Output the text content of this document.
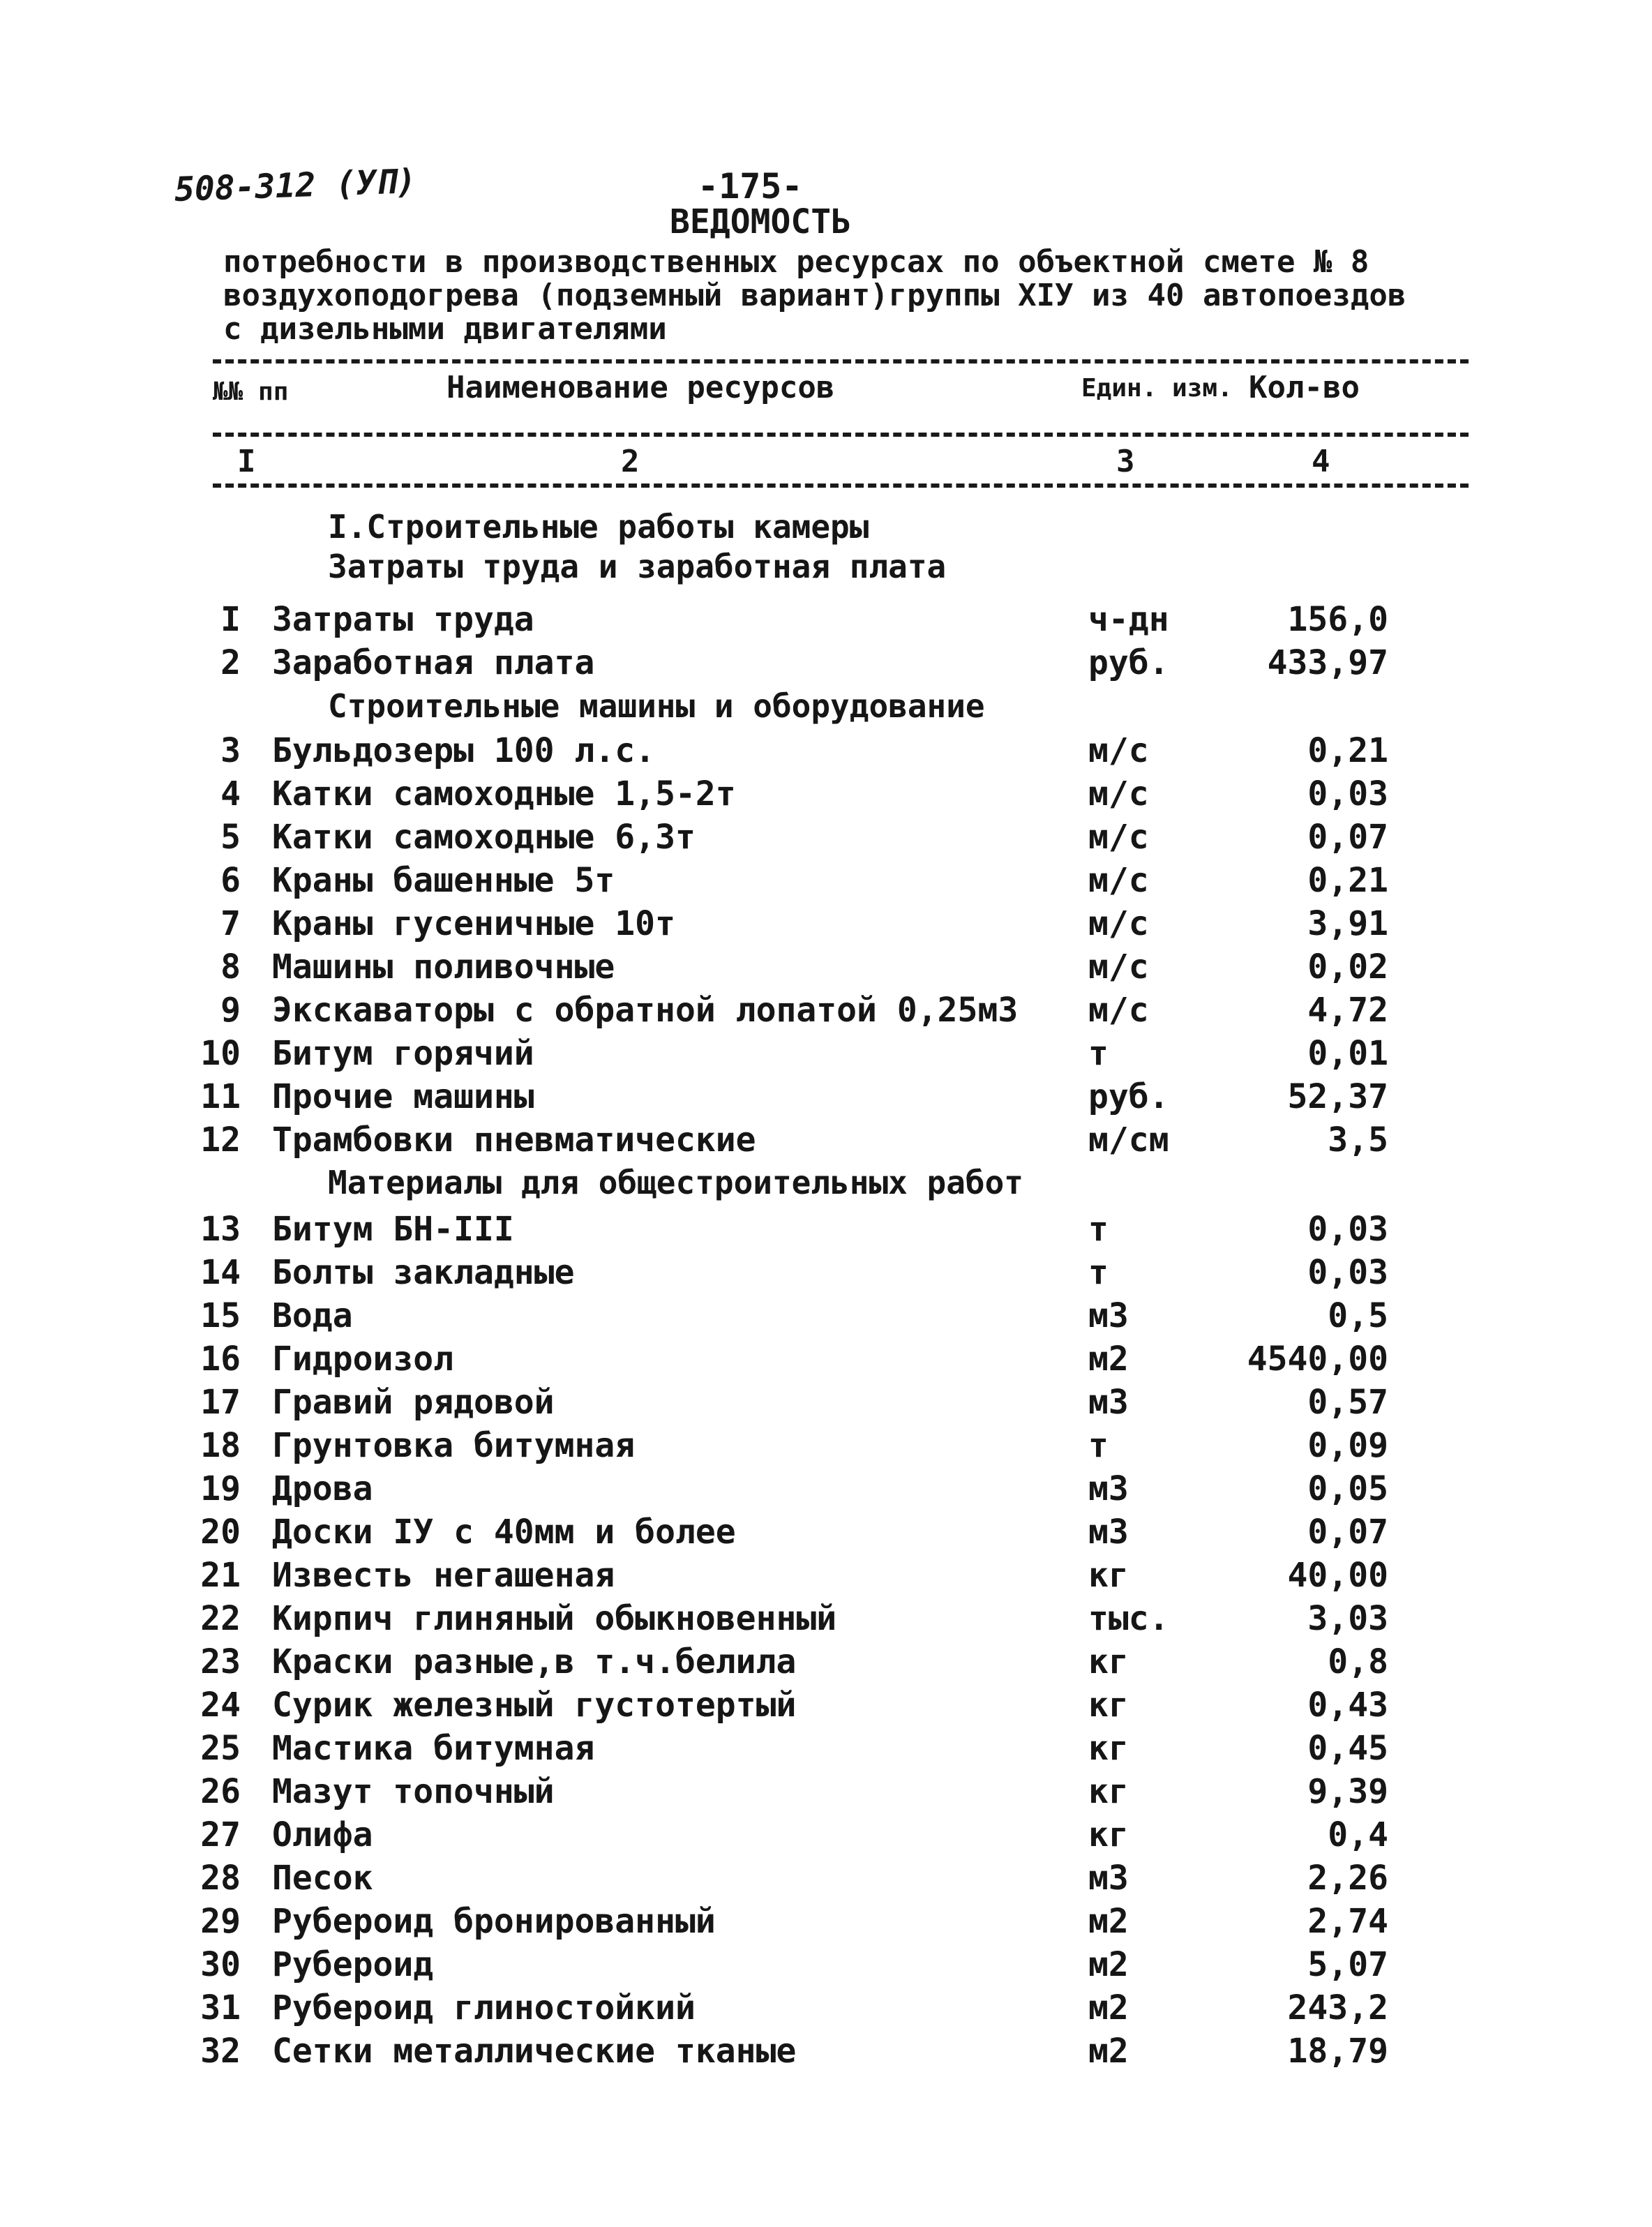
508-312 (УП)	-175-
ВЕДОМОСТЬ
потребности в производственных ресурсах по объектной смете № 8
воздухоподогрева (подземный вариант)группы XIУ из 40 автопоездов
с дизельными двигателями
№№ пп	Наименование ресурсов	Един. изм. Кол-во
I	2	3	4
I.Строительные работы камеры
Затраты труда и заработная плата
I Затраты труда	ч-дн	156,0
2 Заработная плата	руб.	433,97
Строительные машины и оборудование
3 Бульдозеры 100 л.с.	м/с	0,21
4 Катки самоходные 1,5-2т	м/с	0,03
5 Катки самоходные 6,3т	м/с	0,07
6 Краны башенные 5т	м/с	0,21
7 Краны гусеничные 10т	м/с	3,91
8 Машины поливочные	м/с	0,02
9 Экскаваторы с обратной лопатой 0,25м3 м/с	4,72
10 Битум горячий	т	0,01
11 Прочие машины	руб.	52,37
12 Трамбовки пневматические	м/см	3,5
Материалы для общестроительных работ
13 Битум БН-III	т	0,03
14 Болты закладные	т	0,03
15 Вода	м3	0,5
16 Гидроизол	м2	4540,00
17 Гравий рядовой	м3	0,57
18 Грунтовка битумная	т	0,09
19 Дрова	м3	0,05
20 Доски IУ с 40мм и более	м3	0,07
21 Известь негашеная	кг	40,00
22 Кирпич глиняный обыкновенный	тыс.	3,03
23 Краски разные,в т.ч.белила	кг	0,8
24 Сурик железный густотертый	кг	0,43
25 Мастика битумная	кг	0,45
26 Мазут топочный	кг	9,39
27 Олифа	кг	0,4
28 Песок	м3	2,26
29 Рубероид бронированный	м2	2,74
30 Рубероид	м2	5,07
31 Рубероид глиностойкий	м2	243,2
32 Сетки металлические тканые	м2	18,79
